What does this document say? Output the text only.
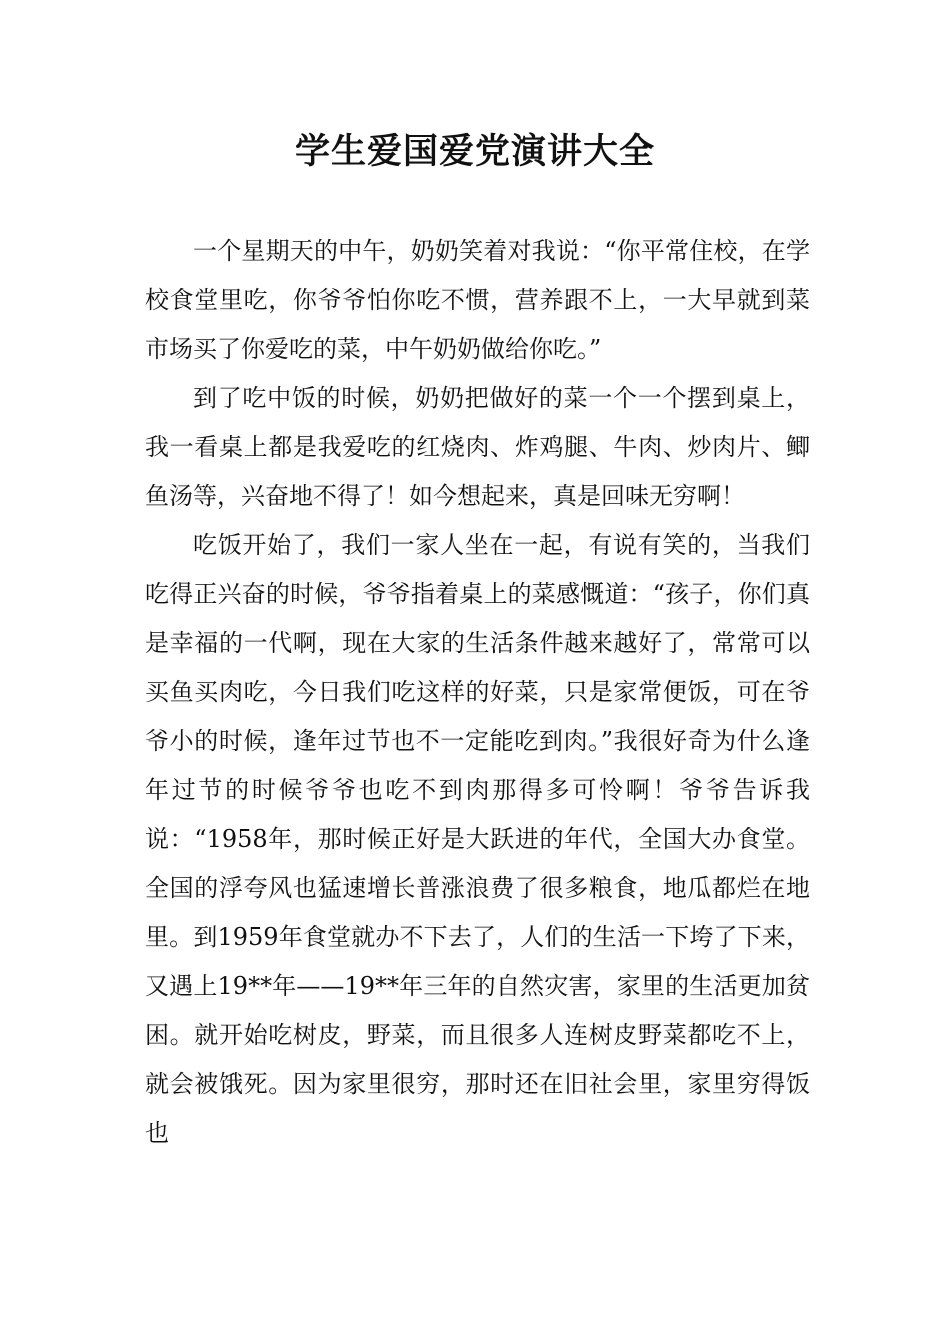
学生爱国爱党演讲大全

一个星期天的中午，奶奶笑着对我说：“你平常住校，在学校食堂里吃，你爷爷怕你吃不惯，营养跟不上，一大早就到菜市场买了你爱吃的菜，中午奶奶做给你吃。”

到了吃中饭的时候，奶奶把做好的菜一个一个摆到桌上，我一看桌上都是我爱吃的红烧肉、炸鸡腿、牛肉、炒肉片、鲫鱼汤等，兴奋地不得了！如今想起来，真是回味无穷啊！

吃饭开始了，我们一家人坐在一起，有说有笑的，当我们吃得正兴奋的时候，爷爷指着桌上的菜感慨道：“孩子，你们真是幸福的一代啊，现在大家的生活条件越来越好了，常常可以买鱼买肉吃，今日我们吃这样的好菜，只是家常便饭，可在爷爷小的时候，逢年过节也不一定能吃到肉。”我很好奇为什么逢年过节的时候爷爷也吃不到肉那得多可怜啊！爷爷告诉我说：“1958年，那时候正好是大跃进的年代，全国大办食堂。全国的浮夸风也猛速增长普涨浪费了很多粮食，地瓜都烂在地里。到1959年食堂就办不下去了，人们的生活一下垮了下来，又遇上19**年——19**年三年的自然灾害，家里的生活更加贫困。就开始吃树皮，野菜，而且很多人连树皮野菜都吃不上，就会被饿死。因为家里很穷，那时还在旧社会里，家里穷得饭也
